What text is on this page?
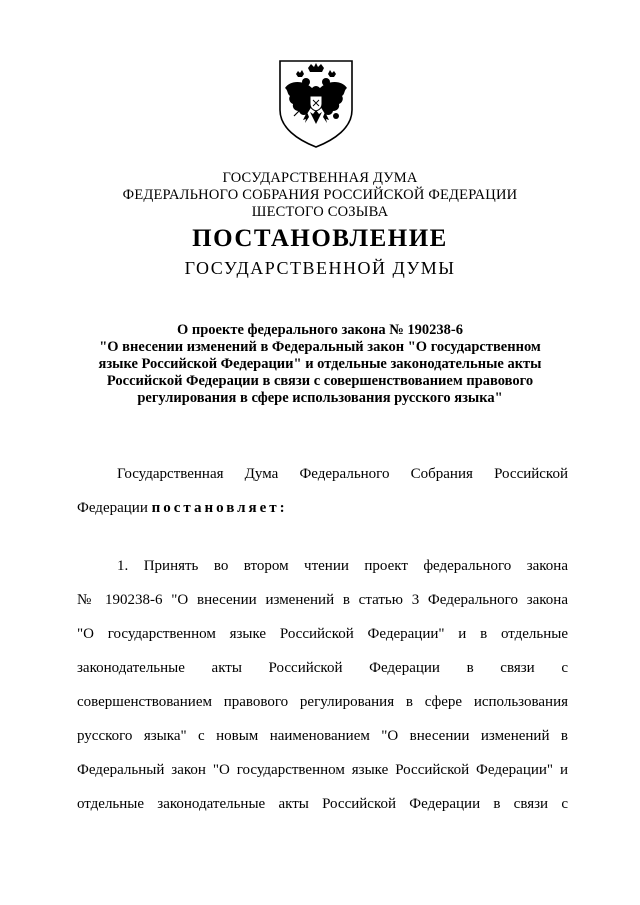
ГОСУДАРСТВЕННАЯ ДУМА
ФЕДЕРАЛЬНОГО СОБРАНИЯ РОССИЙСКОЙ ФЕДЕРАЦИИ
ШЕСТОГО СОЗЫВА
ПОСТАНОВЛЕНИЕ
ГОСУДАРСТВЕННОЙ ДУМЫ
О проекте федерального закона № 190238-6
"О внесении изменений в Федеральный закон "О государственном
языке Российской Федерации" и отдельные законодательные акты
Российской Федерации в связи с совершенствованием правового
регулирования в сфере использования русского языка"
Государственная Дума Федерального Собрания Российской
Федерации постановляет:
1. Принять во втором чтении проект федерального закона
№ 190238-6 "О внесении изменений в статью 3 Федерального закона
"О государственном языке Российской Федерации" и в отдельные
законодательные акты Российской Федерации в связи с
совершенствованием правового регулирования в сфере использования
русского языка" с новым наименованием "О внесении изменений в
Федеральный закон "О государственном языке Российской Федерации" и
отдельные законодательные акты Российской Федерации в связи с
